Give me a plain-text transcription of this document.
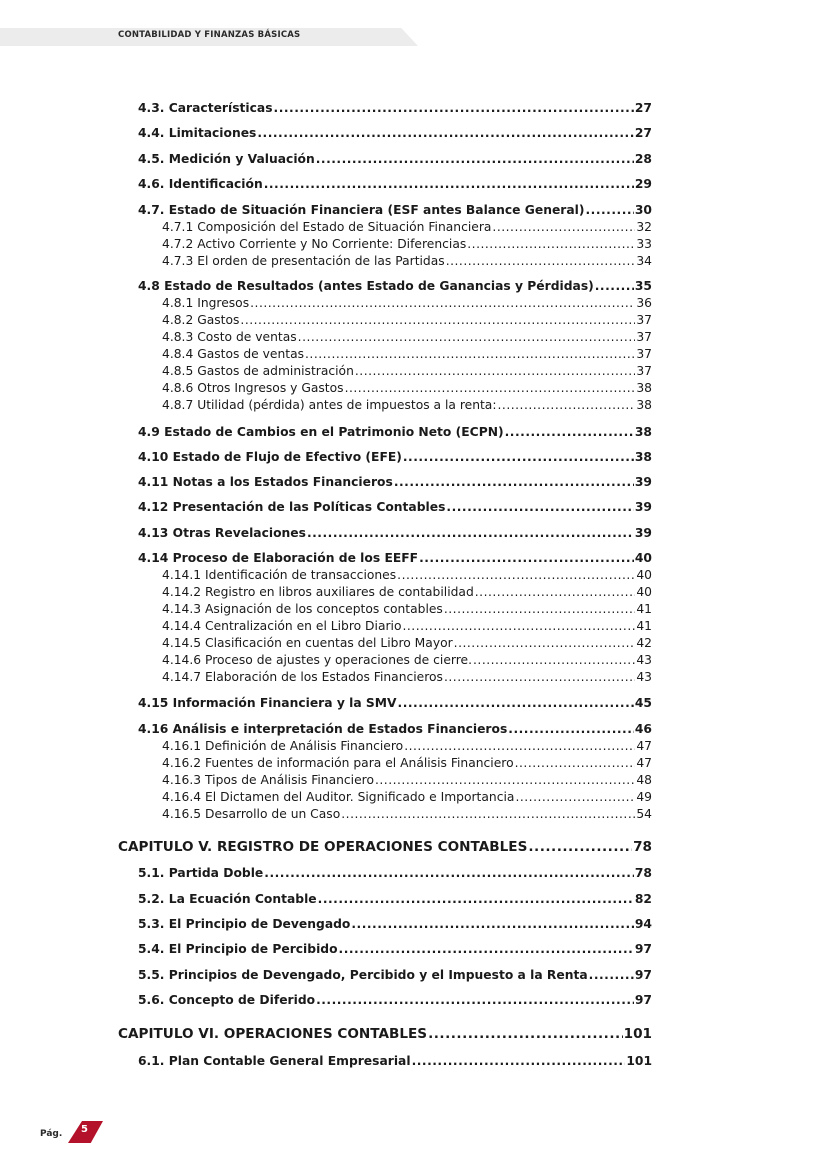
CONTABILIDAD Y FINANZAS BÁSICAS
4.3. Características .....	27
4.4. Limitaciones .....	27
4.5. Medición y Valuación .....	28
4.6. Identificación .....	29
4.7. Estado de Situación Financiera (ESF antes Balance General) .....	30
4.7.1 Composición del Estado de Situación Financiera .....	32
4.7.2 Activo Corriente y No Corriente: Diferencias .....	33
4.7.3 El orden de presentación de las Partidas .....	34
4.8 Estado de Resultados (antes Estado de Ganancias y Pérdidas) .....	35
4.8.1 Ingresos .....	36
4.8.2 Gastos .....	37
4.8.3 Costo de ventas .....	37
4.8.4 Gastos de ventas .....	37
4.8.5 Gastos de administración .....	37
4.8.6 Otros Ingresos y Gastos .....	38
4.8.7 Utilidad (pérdida) antes de impuestos a la renta: .....	38
4.9 Estado de Cambios en el Patrimonio Neto (ECPN) .....	38
4.10 Estado de Flujo de Efectivo (EFE) .....	38
4.11 Notas a los Estados Financieros .....	39
4.12 Presentación de las Políticas Contables .....	39
4.13 Otras Revelaciones .....	39
4.14 Proceso de Elaboración de los EEFF .....	40
4.14.1 Identificación de transacciones .....	40
4.14.2 Registro en libros auxiliares de contabilidad .....	40
4.14.3 Asignación de los conceptos contables .....	41
4.14.4 Centralización en el Libro Diario .....	41
4.14.5 Clasificación en cuentas del Libro Mayor .....	42
4.14.6 Proceso de ajustes y operaciones de cierre. .....	43
4.14.7 Elaboración de los Estados Financieros .....	43
4.15 Información Financiera y la SMV .....	45
4.16 Análisis e interpretación de Estados Financieros .....	46
4.16.1 Definición de Análisis Financiero .....	47
4.16.2 Fuentes de información para el Análisis Financiero .....	47
4.16.3 Tipos de Análisis Financiero .....	48
4.16.4 El Dictamen del Auditor. Significado e Importancia .....	49
4.16.5 Desarrollo de un Caso .....	54
CAPITULO V. REGISTRO DE OPERACIONES CONTABLES .....	78
5.1. Partida Doble .....	78
5.2. La Ecuación Contable .....	82
5.3. El Principio de Devengado .....	94
5.4. El Principio de Percibido .....	97
5.5. Principios de Devengado, Percibido y el Impuesto a la Renta .....	97
5.6. Concepto de Diferido .....	97
CAPITULO VI. OPERACIONES CONTABLES .....	101
6.1. Plan Contable General Empresarial .....	101
Pág. 5
